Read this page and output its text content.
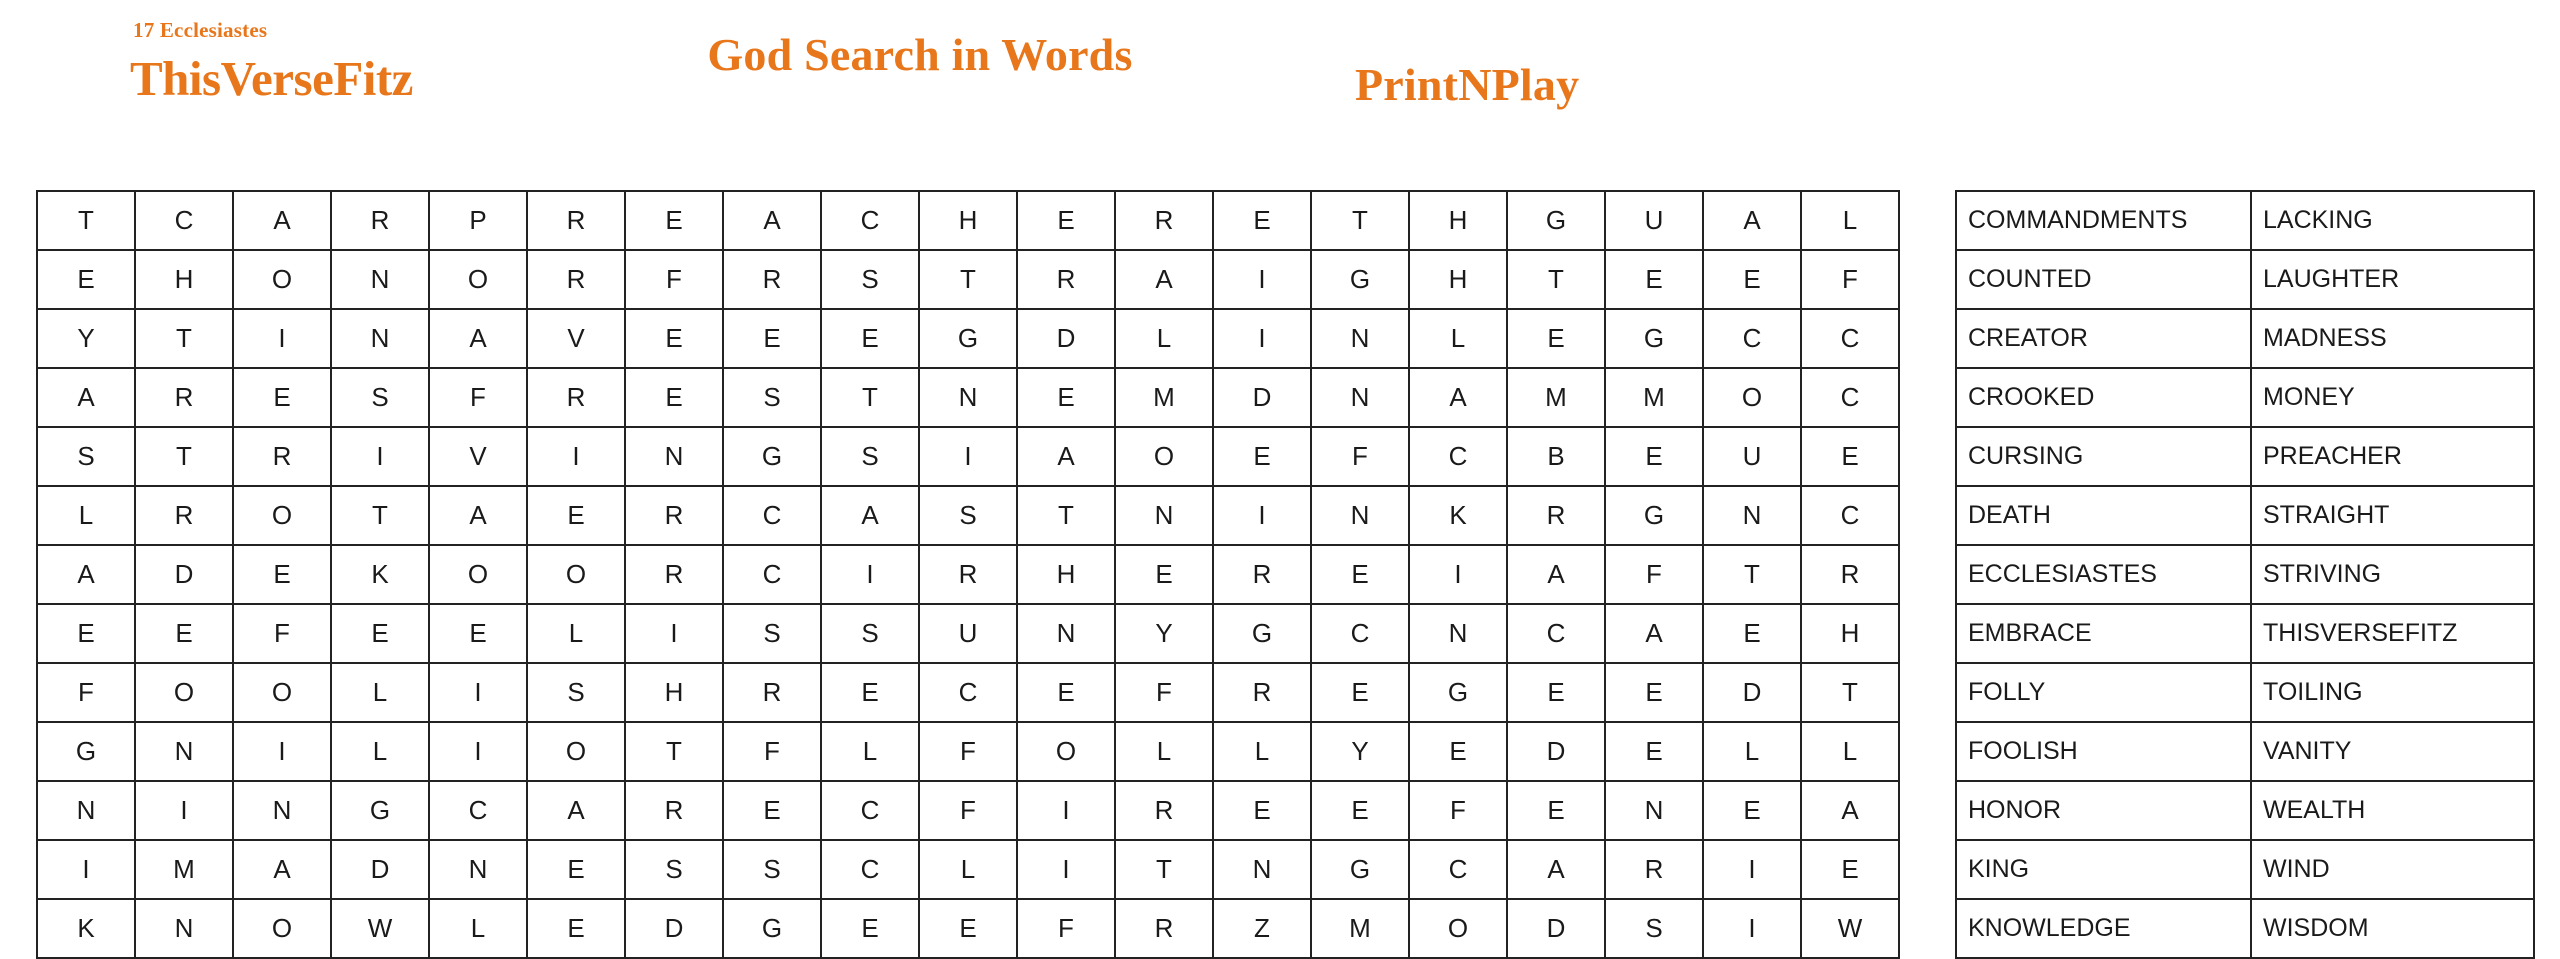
17 Ecclesiastes
ThisVerseFitz	God Search in Words
PrintNPlay
T	C	A	R	P	R	E	A	C	H	E	R	E	T	H	G	U	A	L
E	H	O	N	O	R	F	R	S	T	R	A	I	G	H	T	E	E	F
Y	T	I	N	A	V	E	E	E	G	D	L	I	N	L	E	G	C	C
A	R	E	S	F	R	E	S	T	N	E	M	D	N	A	M	M	O	C
S	T	R	I	V	I	N	G	S	I	A	O	E	F	C	B	E	U	E
L	R	O	T	A	E	R	C	A	S	T	N	I	N	K	R	G	N	C
A	D	E	K	O	O	R	C	I	R	H	E	R	E	I	A	F	T	R
E	E	F	E	E	L	I	S	S	U	N	Y	G	C	N	C	A	E	H
F	O	O	L	I	S	H	R	E	C	E	F	R	E	G	E	E	D	T
G	N	I	L	I	O	T	F	L	F	O	L	L	Y	E	D	E	L	L
N	I	N	G	C	A	R	E	C	F	I	R	E	E	F	E	N	E	A
I	M	A	D	N	E	S	S	C	L	I	T	N	G	C	A	R	I	E
K	N	O	W	L	E	D	G	E	E	F	R	Z	M	O	D	S	I	W
COMMANDMENTS	LACKING
COUNTED	LAUGHTER
CREATOR	MADNESS
CROOKED	MONEY
CURSING	PREACHER
DEATH	STRAIGHT
ECCLESIASTES	STRIVING
EMBRACE	THISVERSEFITZ
FOLLY	TOILING
FOOLISH	VANITY
HONOR	WEALTH
KING	WIND
KNOWLEDGE	WISDOM
